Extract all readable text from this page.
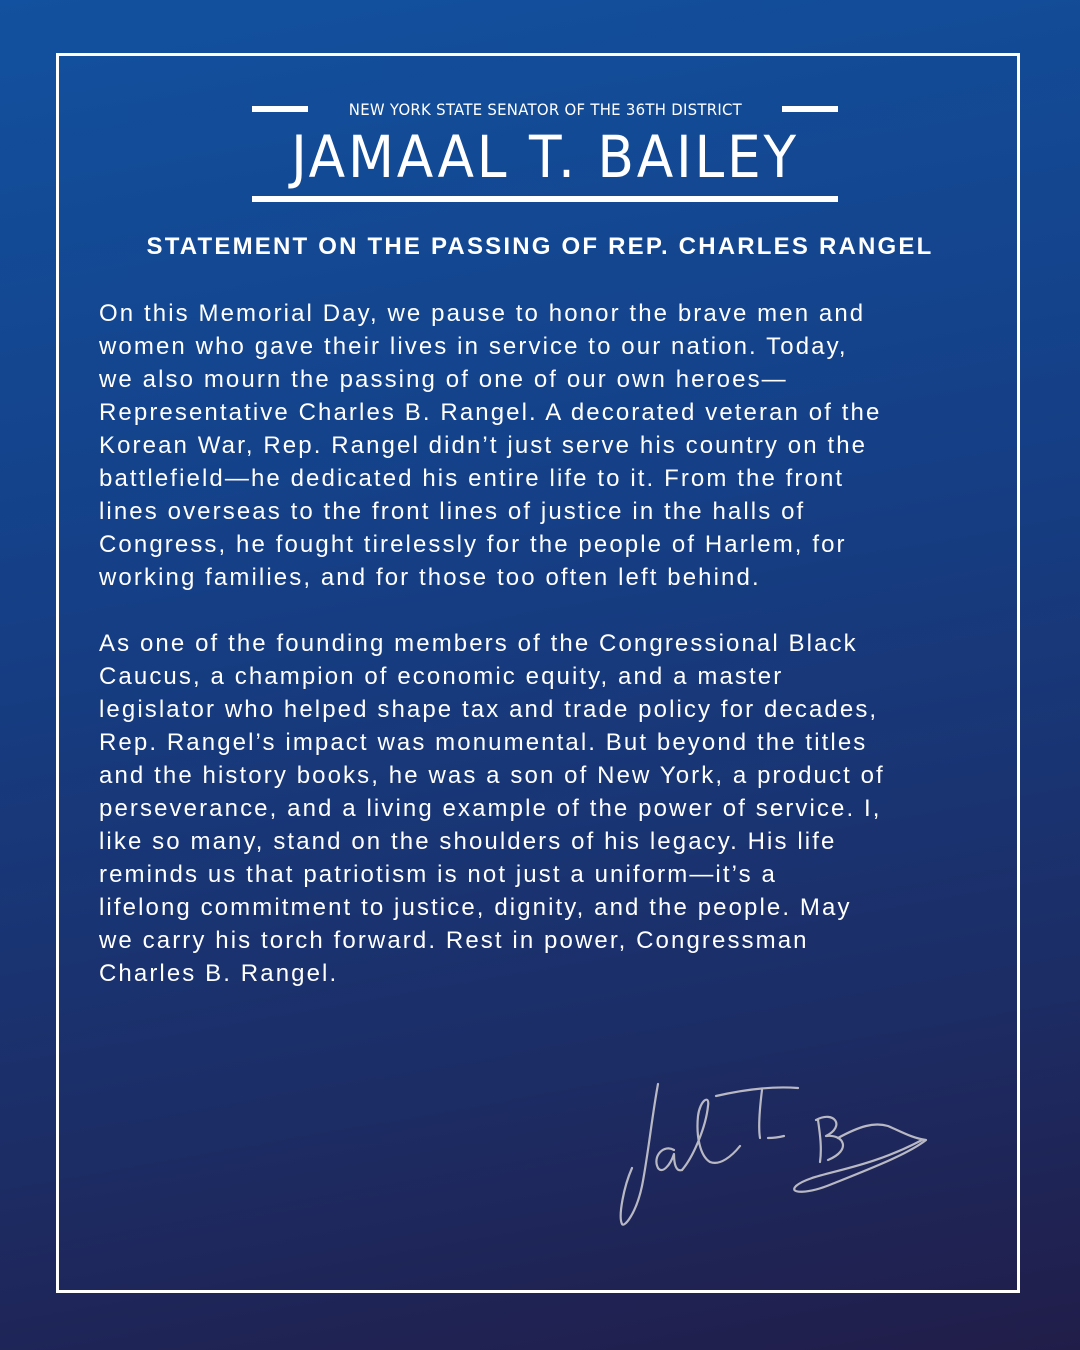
NEW YORK STATE SENATOR OF THE 36TH DISTRICT
JAMAAL T. BAILEY
STATEMENT ON THE PASSING OF REP. CHARLES RANGEL

On this Memorial Day, we pause to honor the brave men and
women who gave their lives in service to our nation. Today,
we also mourn the passing of one of our own heroes—
Representative Charles B. Rangel. A decorated veteran of the
Korean War, Rep. Rangel didn’t just serve his country on the
battlefield—he dedicated his entire life to it. From the front
lines overseas to the front lines of justice in the halls of
Congress, he fought tirelessly for the people of Harlem, for
working families, and for those too often left behind.

As one of the founding members of the Congressional Black
Caucus, a champion of economic equity, and a master
legislator who helped shape tax and trade policy for decades,
Rep. Rangel’s impact was monumental. But beyond the titles
and the history books, he was a son of New York, a product of
perseverance, and a living example of the power of service. I,
like so many, stand on the shoulders of his legacy. His life
reminds us that patriotism is not just a uniform—it’s a
lifelong commitment to justice, dignity, and the people. May
we carry his torch forward. Rest in power, Congressman
Charles B. Rangel.
